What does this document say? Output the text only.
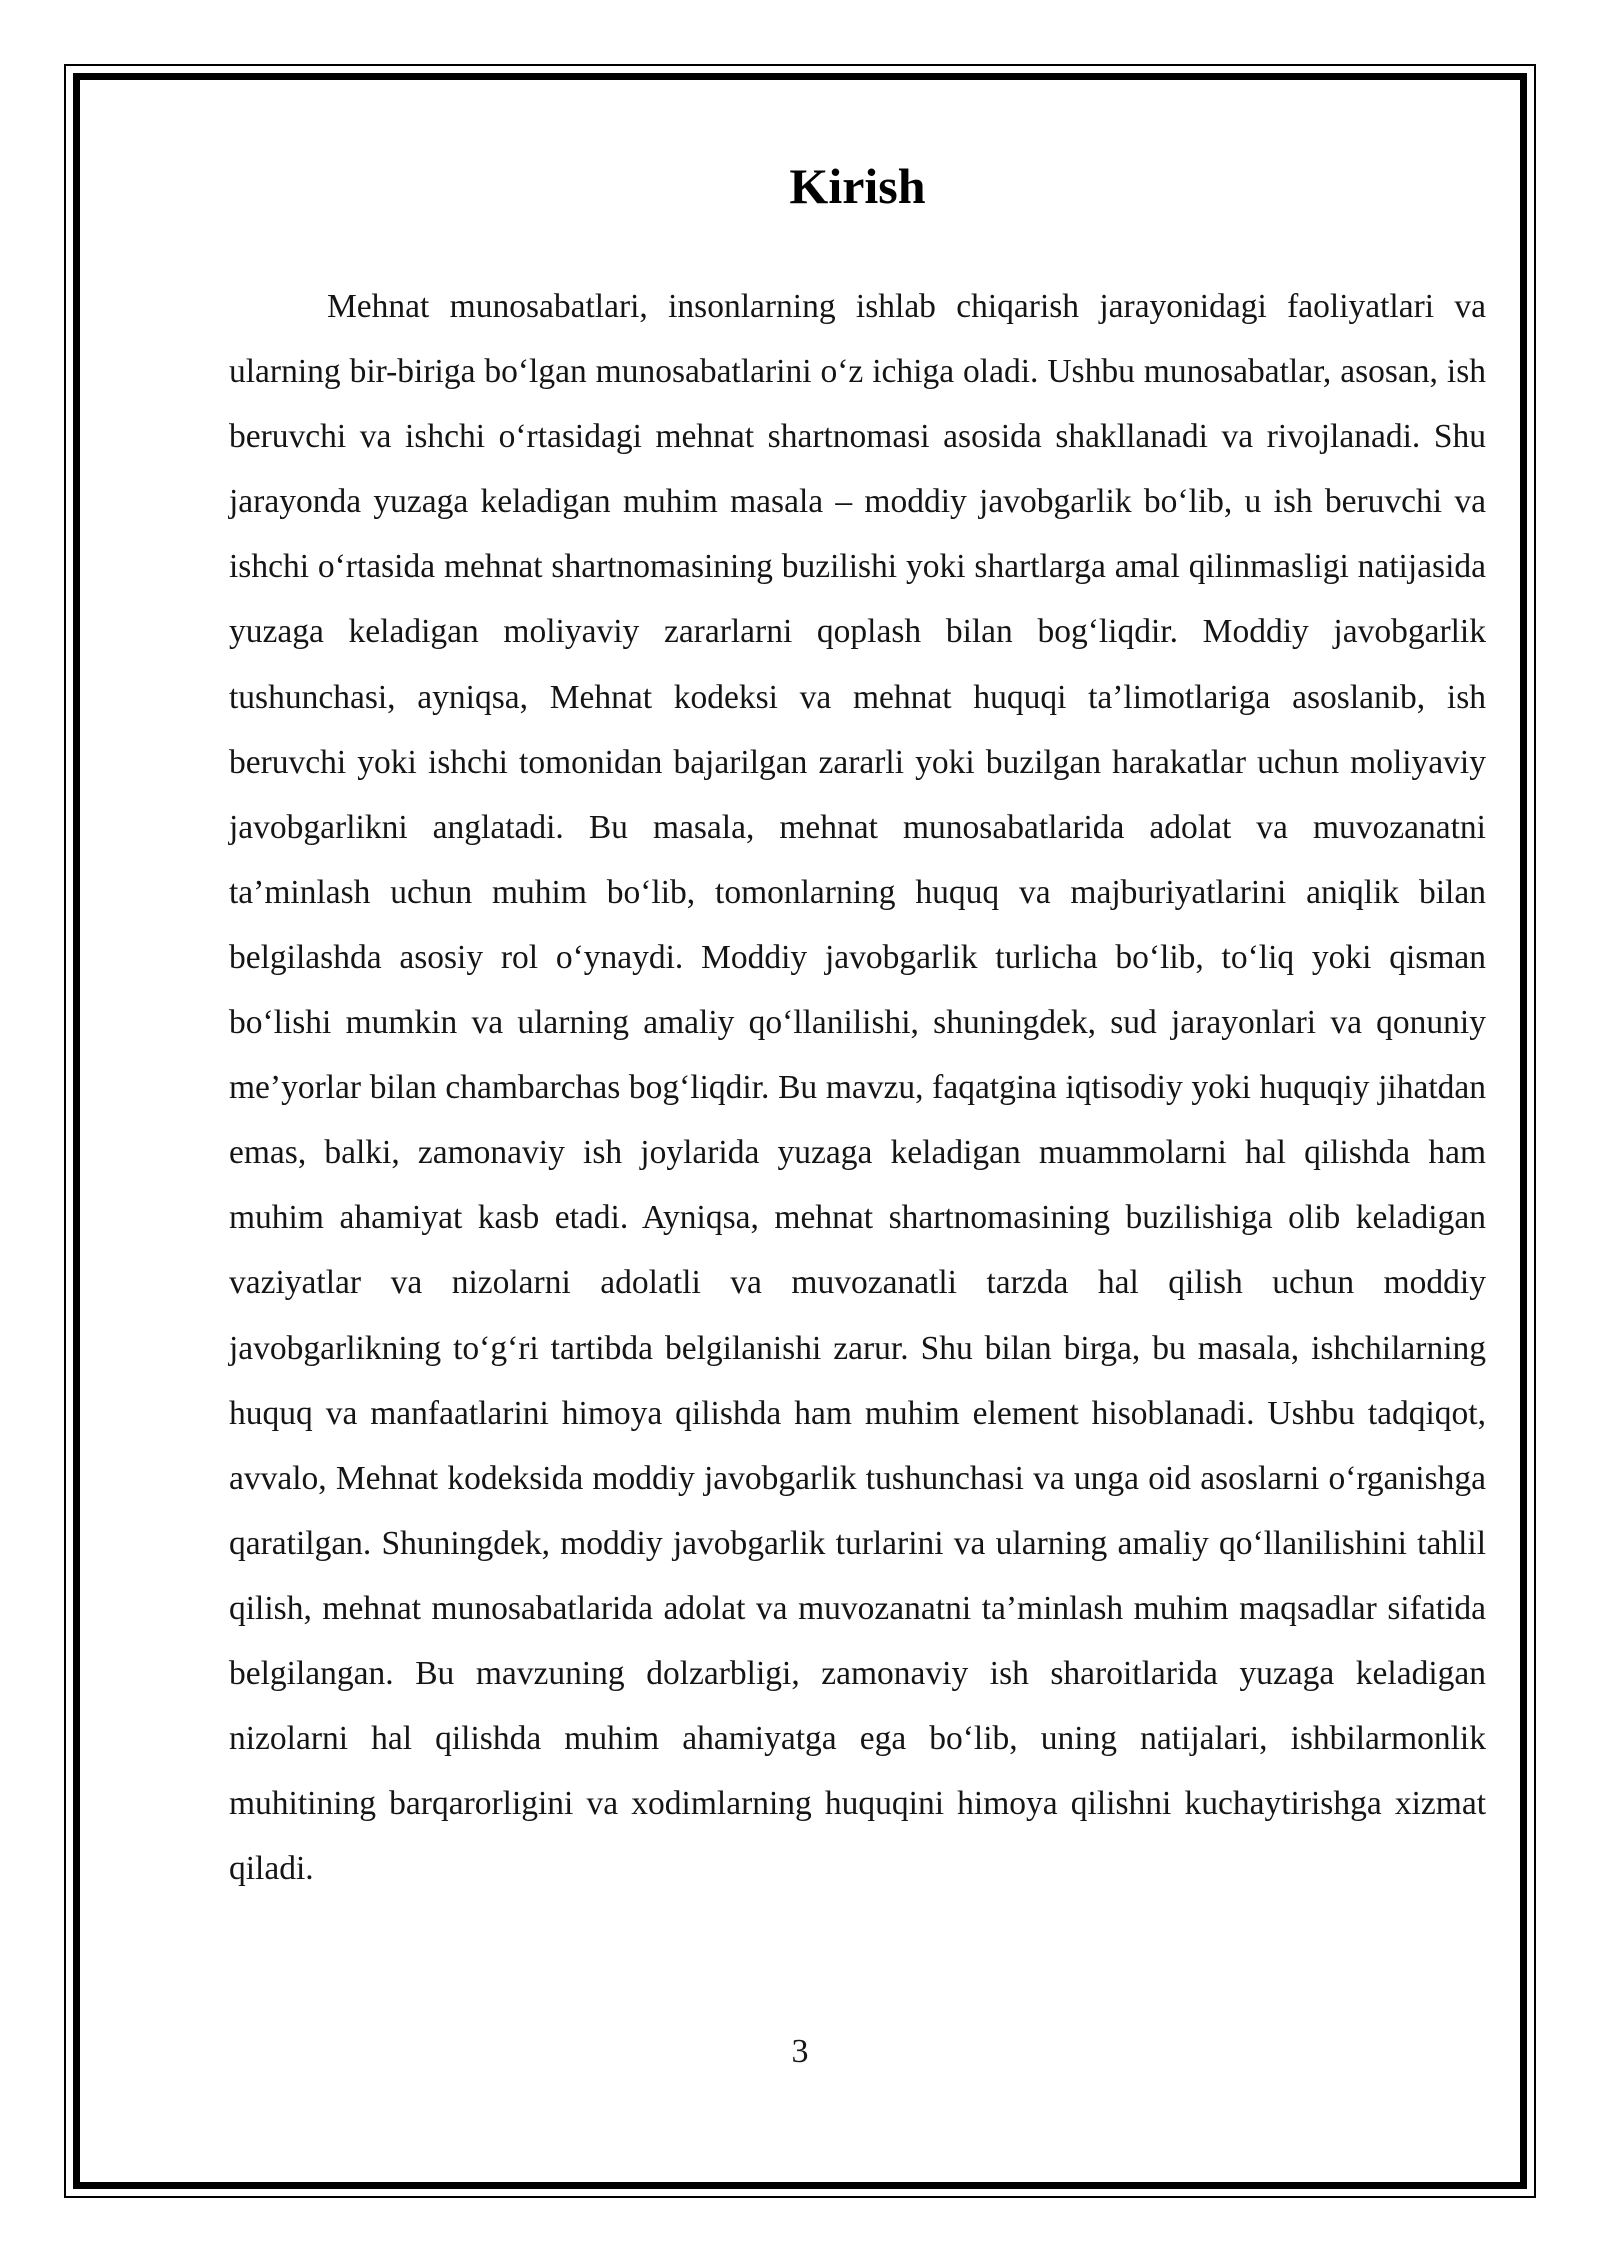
Kirish

Mehnat munosabatlari, insonlarning ishlab chiqarish jarayonidagi faoliyatlari va ularning bir-biriga boʻlgan munosabatlarini oʻz ichiga oladi. Ushbu munosabatlar, asosan, ish beruvchi va ishchi oʻrtasidagi mehnat shartnomasi asosida shakllanadi va rivojlanadi. Shu jarayonda yuzaga keladigan muhim masala – moddiy javobgarlik boʻlib, u ish beruvchi va ishchi oʻrtasida mehnat shartnomasining buzilishi yoki shartlarga amal qilinmasligi natijasida yuzaga keladigan moliyaviy zararlarni qoplash bilan bogʻliqdir. Moddiy javobgarlik tushunchasi, ayniqsa, Mehnat kodeksi va mehnat huquqi ta’limotlariga asoslanib, ish beruvchi yoki ishchi tomonidan bajarilgan zararli yoki buzilgan harakatlar uchun moliyaviy javobgarlikni anglatadi. Bu masala, mehnat munosabatlarida adolat va muvozanatni ta’minlash uchun muhim boʻlib, tomonlarning huquq va majburiyatlarini aniqlik bilan belgilashda asosiy rol oʻynaydi. Moddiy javobgarlik turlicha boʻlib, toʻliq yoki qisman boʻlishi mumkin va ularning amaliy qoʻllanilishi, shuningdek, sud jarayonlari va qonuniy me’yorlar bilan chambarchas bogʻliqdir. Bu mavzu, faqatgina iqtisodiy yoki huquqiy jihatdan emas, balki, zamonaviy ish joylarida yuzaga keladigan muammolarni hal qilishda ham muhim ahamiyat kasb etadi. Ayniqsa, mehnat shartnomasining buzilishiga olib keladigan vaziyatlar va nizolarni adolatli va muvozanatli tarzda hal qilish uchun moddiy javobgarlikning toʻgʻri tartibda belgilanishi zarur. Shu bilan birga, bu masala, ishchilarning huquq va manfaatlarini himoya qilishda ham muhim element hisoblanadi. Ushbu tadqiqot, avvalo, Mehnat kodeksida moddiy javobgarlik tushunchasi va unga oid asoslarni oʻrganishga qaratilgan. Shuningdek, moddiy javobgarlik turlarini va ularning amaliy qoʻllanilishini tahlil qilish, mehnat munosabatlarida adolat va muvozanatni ta’minlash muhim maqsadlar sifatida belgilangan. Bu mavzuning dolzarbligi, zamonaviy ish sharoitlarida yuzaga keladigan nizolarni hal qilishda muhim ahamiyatga ega boʻlib, uning natijalari, ishbilarmonlik muhitining barqarorligini va xodimlarning huquqini himoya qilishni kuchaytirishga xizmat qiladi.

3
